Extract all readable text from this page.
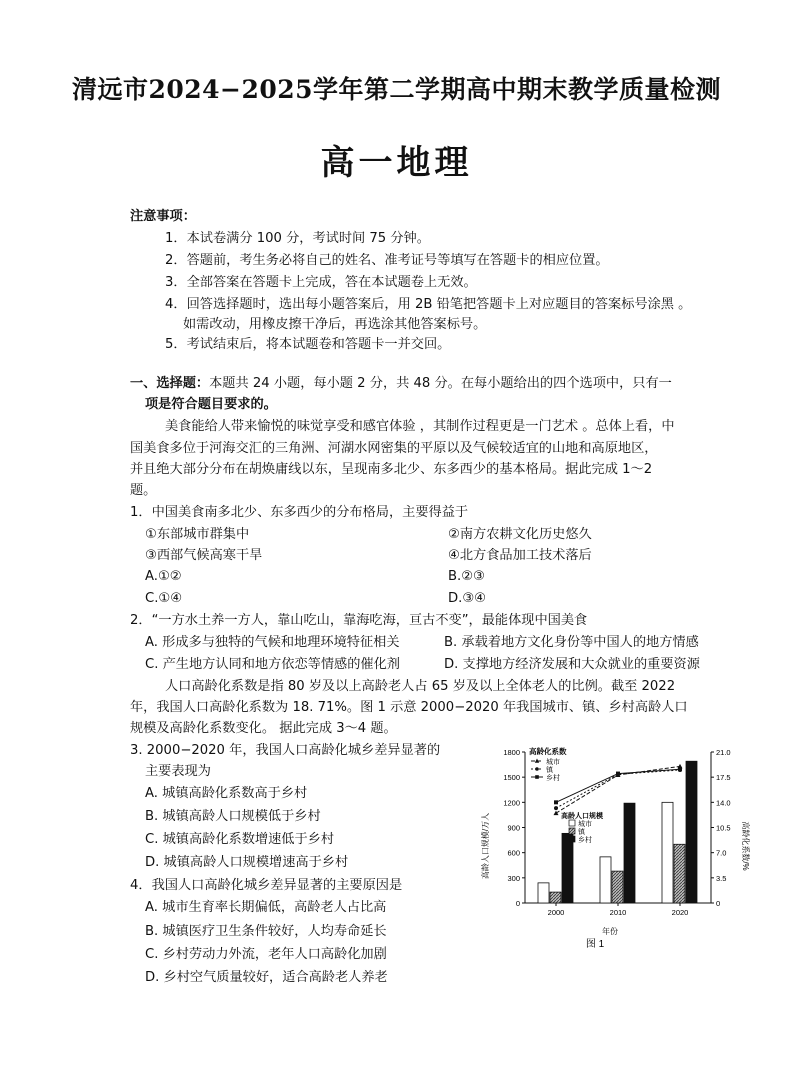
清远市2024−2025学年第二学期高中期末教学质量检测
高一地理
注意事项：
1．本试卷满分 100 分，考试时间 75 分钟。
2．答题前，考生务必将自己的姓名、准考证号等填写在答题卡的相应位置。
3．全部答案在答题卡上完成，答在本试题卷上无效。
4．回答选择题时，选出每小题答案后，用 2B 铅笔把答题卡上对应题目的答案标号涂黑 。
如需改动，用橡皮擦干净后，再选涂其他答案标号。
5．考试结束后，将本试题卷和答题卡一并交回。
一、选择题：本题共 24 小题，每小题 2 分，共 48 分。在每小题给出的四个选项中，只有一
项是符合题目要求的。
美食能给人带来愉悦的味觉享受和感官体验 ，其制作过程更是一门艺术 。总体上看，中
国美食多位于河海交汇的三角洲、河湖水网密集的平原以及气候较适宜的山地和高原地区，
并且绝大部分分布在胡焕庸线以东，呈现南多北少、东多西少的基本格局。据此完成 1～2
题。
1．中国美食南多北少、东多西少的分布格局，主要得益于
①东部城市群集中	②南方农耕文化历史悠久
③西部气候高寒干旱	④北方食品加工技术落后
A.①②	B.②③
C.①④	D.③④
2．“一方水土养一方人，靠山吃山，靠海吃海，亘古不变”，最能体现中国美食
A. 形成多与独特的气候和地理环境特征相关	B. 承载着地方文化身份等中国人的地方情感
C. 产生地方认同和地方依恋等情感的催化剂	D. 支撑地方经济发展和大众就业的重要资源
人口高龄化系数是指 80 岁及以上高龄老人占 65 岁及以上全体老人的比例。截至 2022
年，我国人口高龄化系数为 18. 71%。图 1 示意 2000−2020 年我国城市、镇、乡村高龄人口
规模及高龄化系数变化。 据此完成 3～4 题。
3. 2000−2020 年，我国人口高龄化城乡差异显著的
主要表现为
A. 城镇高龄化系数高于乡村
B. 城镇高龄人口规模低于乡村
C. 城镇高龄化系数增速低于乡村
D. 城镇高龄人口规模增速高于乡村
4．我国人口高龄化城乡差异显著的主要原因是
A. 城市生育率长期偏低，高龄老人占比高
B. 城镇医疗卫生条件较好，人均寿命延长
C. 乡村劳动力外流，老年人口高龄化加剧
D. 乡村空气质量较好，适合高龄老人养老
0
300
600
900
1200
1500
1800
0
3.5
7.0
10.5
14.0
17.5
21.0
2000	2010	2020
高龄化系数
城市
镇
乡村
高龄人口规模
城市
镇
乡村
高龄人口规模/万人	高龄化系数/%
年份
图 1
